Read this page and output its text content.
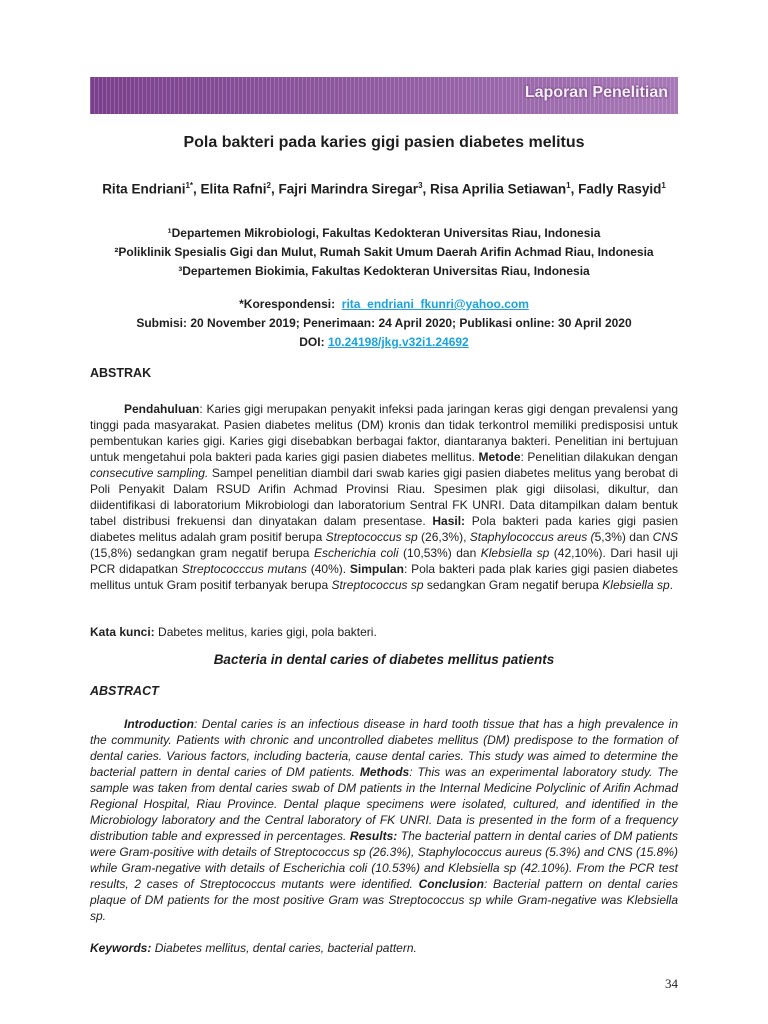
Laporan Penelitian
Pola bakteri pada karies gigi pasien diabetes melitus
Rita Endriani$^{1*}$, Elita Rafni$^2$, Fajri Marindra Siregar$^3$, Risa Aprilia Setiawan$^1$, Fadly Rasyid$^1$
¹Departemen Mikrobiologi, Fakultas Kedokteran Universitas Riau, Indonesia
²Poliklinik Spesialis Gigi dan Mulut, Rumah Sakit Umum Daerah Arifin Achmad Riau, Indonesia
³Departemen Biokimia, Fakultas Kedokteran Universitas Riau, Indonesia
*Korespondensi: rita_endriani_fkunri@yahoo.com
Submisi: 20 November 2019; Penerimaan: 24 April 2020; Publikasi online: 30 April 2020
DOI: 10.24198/jkg.v32i1.24692
ABSTRAK
Pendahuluan: Karies gigi merupakan penyakit infeksi pada jaringan keras gigi dengan prevalensi yang tinggi pada masyarakat. Pasien diabetes melitus (DM) kronis dan tidak terkontrol memiliki predisposisi untuk pembentukan karies gigi. Karies gigi disebabkan berbagai faktor, diantaranya bakteri. Penelitian ini bertujuan untuk mengetahui pola bakteri pada karies gigi pasien diabetes mellitus. Metode: Penelitian dilakukan dengan consecutive sampling. Sampel penelitian diambil dari swab karies gigi pasien diabetes melitus yang berobat di Poli Penyakit Dalam RSUD Arifin Achmad Provinsi Riau. Spesimen plak gigi diisolasi, dikultur, dan diidentifikasi di laboratorium Mikrobiologi dan laboratorium Sentral FK UNRI. Data ditampilkan dalam bentuk tabel distribusi frekuensi dan dinyatakan dalam presentase. Hasil: Pola bakteri pada karies gigi pasien diabetes melitus adalah gram positif berupa Streptococcus sp (26,3%), Staphylococcus areus (5,3%) dan CNS (15,8%) sedangkan gram negatif berupa Escherichia coli (10,53%) dan Klebsiella sp (42,10%). Dari hasil uji PCR didapatkan Streptococccus mutans (40%). Simpulan: Pola bakteri pada plak karies gigi pasien diabetes mellitus untuk Gram positif terbanyak berupa Streptococcus sp sedangkan Gram negatif berupa Klebsiella sp.
Kata kunci: Dabetes melitus, karies gigi, pola bakteri.
Bacteria in dental caries of diabetes mellitus patients
ABSTRACT
Introduction: Dental caries is an infectious disease in hard tooth tissue that has a high prevalence in the community. Patients with chronic and uncontrolled diabetes mellitus (DM) predispose to the formation of dental caries. Various factors, including bacteria, cause dental caries. This study was aimed to determine the bacterial pattern in dental caries of DM patients. Methods: This was an experimental laboratory study. The sample was taken from dental caries swab of DM patients in the Internal Medicine Polyclinic of Arifin Achmad Regional Hospital, Riau Province. Dental plaque specimens were isolated, cultured, and identified in the Microbiology laboratory and the Central laboratory of FK UNRI. Data is presented in the form of a frequency distribution table and expressed in percentages. Results: The bacterial pattern in dental caries of DM patients were Gram-positive with details of Streptococcus sp (26.3%), Staphylococcus aureus (5.3%) and CNS (15.8%) while Gram-negative with details of Escherichia coli (10.53%) and Klebsiella sp (42.10%). From the PCR test results, 2 cases of Streptococcus mutants were identified. Conclusion: Bacterial pattern on dental caries plaque of DM patients for the most positive Gram was Streptococcus sp while Gram-negative was Klebsiella sp.
Keywords: Diabetes mellitus, dental caries, bacterial pattern.
34
